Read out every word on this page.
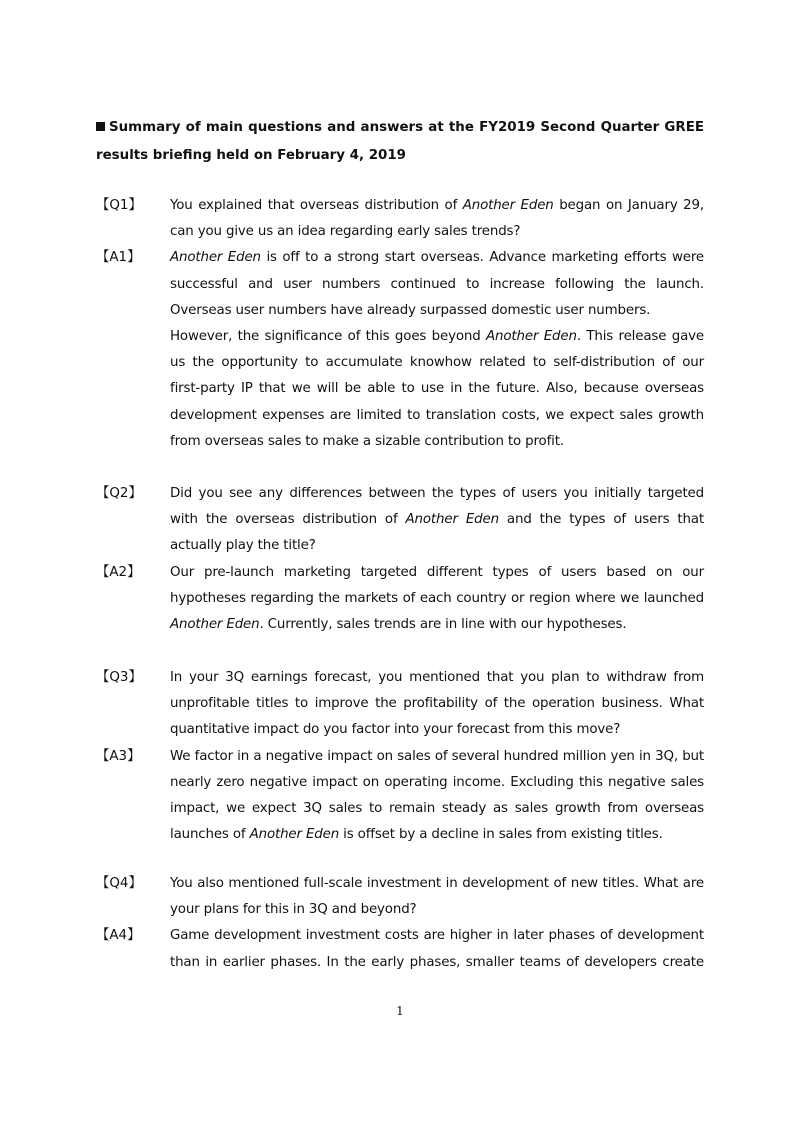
Summary of main questions and answers at the FY2019 Second Quarter GREE results briefing held on February 4, 2019
【Q1】	You explained that overseas distribution of Another Eden began on January 29, can you give us an idea regarding early sales trends?

【A1】	Another Eden is off to a strong start overseas. Advance marketing efforts were successful and user numbers continued to increase following the launch. Overseas user numbers have already surpassed domestic user numbers.

However, the significance of this goes beyond Another Eden. This release gave us the opportunity to accumulate knowhow related to self-distribution of our first-party IP that we will be able to use in the future. Also, because overseas development expenses are limited to translation costs, we expect sales growth from overseas sales to make a sizable contribution to profit.

【Q2】	Did you see any differences between the types of users you initially targeted with the overseas distribution of Another Eden and the types of users that actually play the title?

【A2】	Our pre-launch marketing targeted different types of users based on our hypotheses regarding the markets of each country or region where we launched Another Eden. Currently, sales trends are in line with our hypotheses.

【Q3】	In your 3Q earnings forecast, you mentioned that you plan to withdraw from unprofitable titles to improve the profitability of the operation business. What quantitative impact do you factor into your forecast from this move?

【A3】	We factor in a negative impact on sales of several hundred million yen in 3Q, but nearly zero negative impact on operating income. Excluding this negative sales impact, we expect 3Q sales to remain steady as sales growth from overseas launches of Another Eden is offset by a decline in sales from existing titles.

【Q4】	You also mentioned full-scale investment in development of new titles. What are your plans for this in 3Q and beyond?

【A4】	Game development investment costs are higher in later phases of development than in earlier phases. In the early phases, smaller teams of developers create

1
